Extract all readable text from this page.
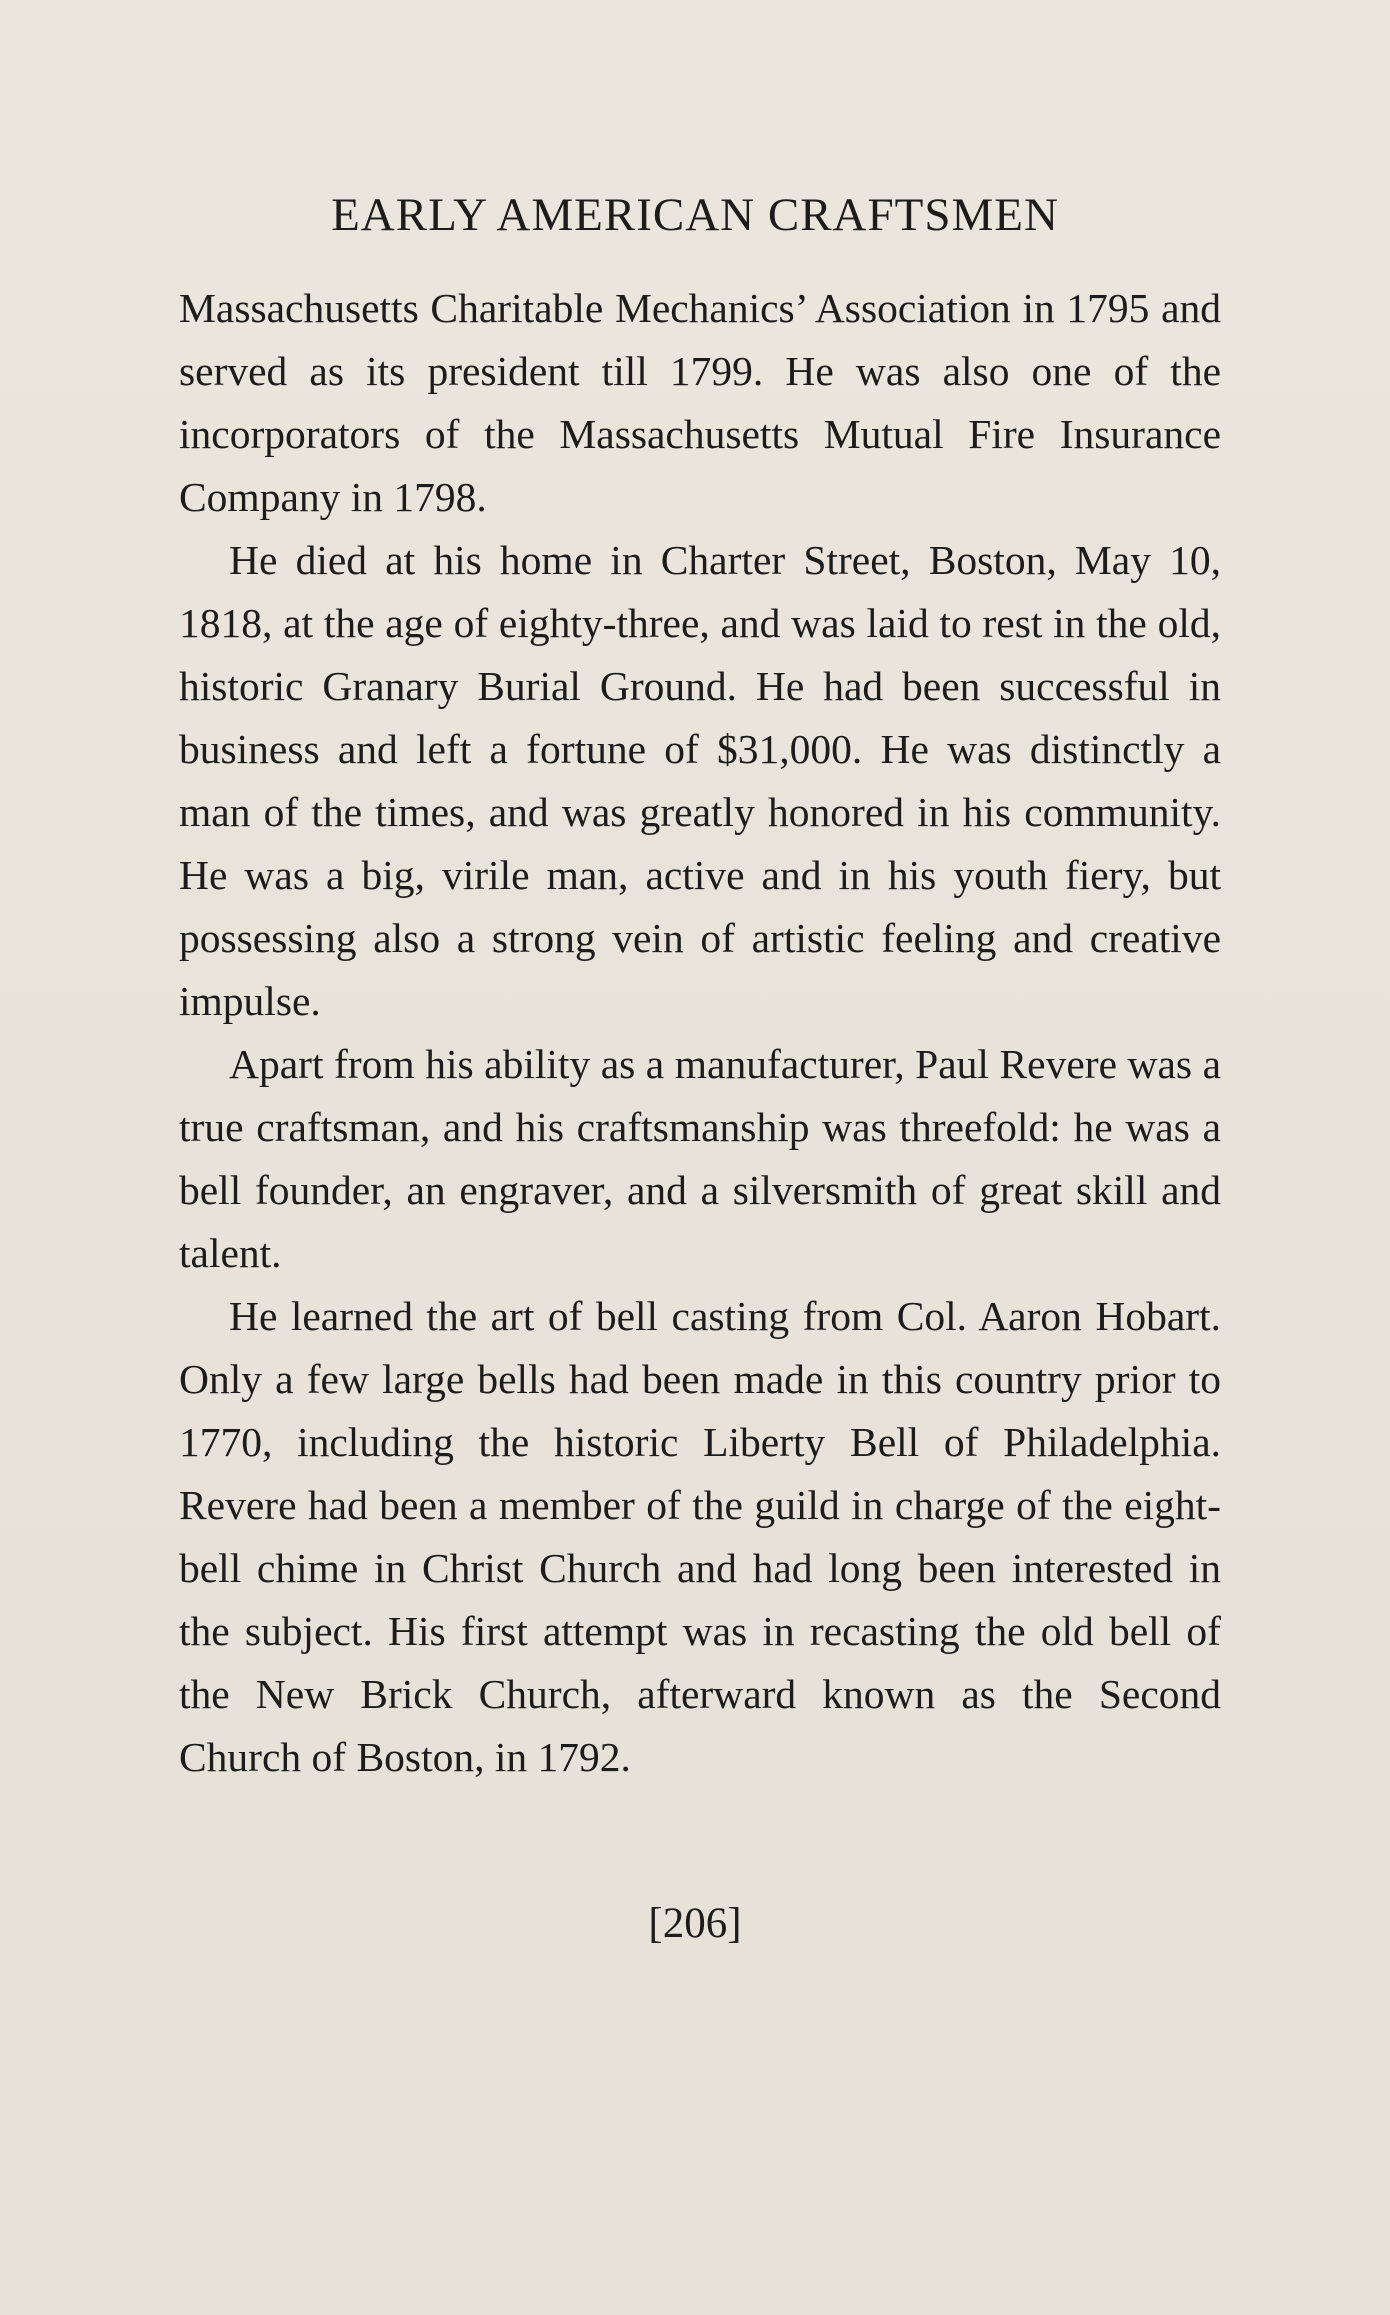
EARLY AMERICAN CRAFTSMEN

Massachusetts Charitable Mechanics’ Association in 1795 and served as its president till 1799. He was also one of the incorporators of the Massachusetts Mutual Fire Insurance Company in 1798.

He died at his home in Charter Street, Boston, May 10, 1818, at the age of eighty-three, and was laid to rest in the old, historic Granary Burial Ground. He had been successful in business and left a fortune of $31,000. He was distinctly a man of the times, and was greatly honored in his community. He was a big, virile man, active and in his youth fiery, but possessing also a strong vein of artistic feeling and creative impulse.

Apart from his ability as a manufacturer, Paul Revere was a true craftsman, and his craftsmanship was threefold: he was a bell founder, an engraver, and a silversmith of great skill and talent.

He learned the art of bell casting from Col. Aaron Hobart. Only a few large bells had been made in this country prior to 1770, including the historic Liberty Bell of Philadelphia. Revere had been a member of the guild in charge of the eight-bell chime in Christ Church and had long been interested in the subject. His first attempt was in recasting the old bell of the New Brick Church, afterward known as the Second Church of Boston, in 1792.

[206]
